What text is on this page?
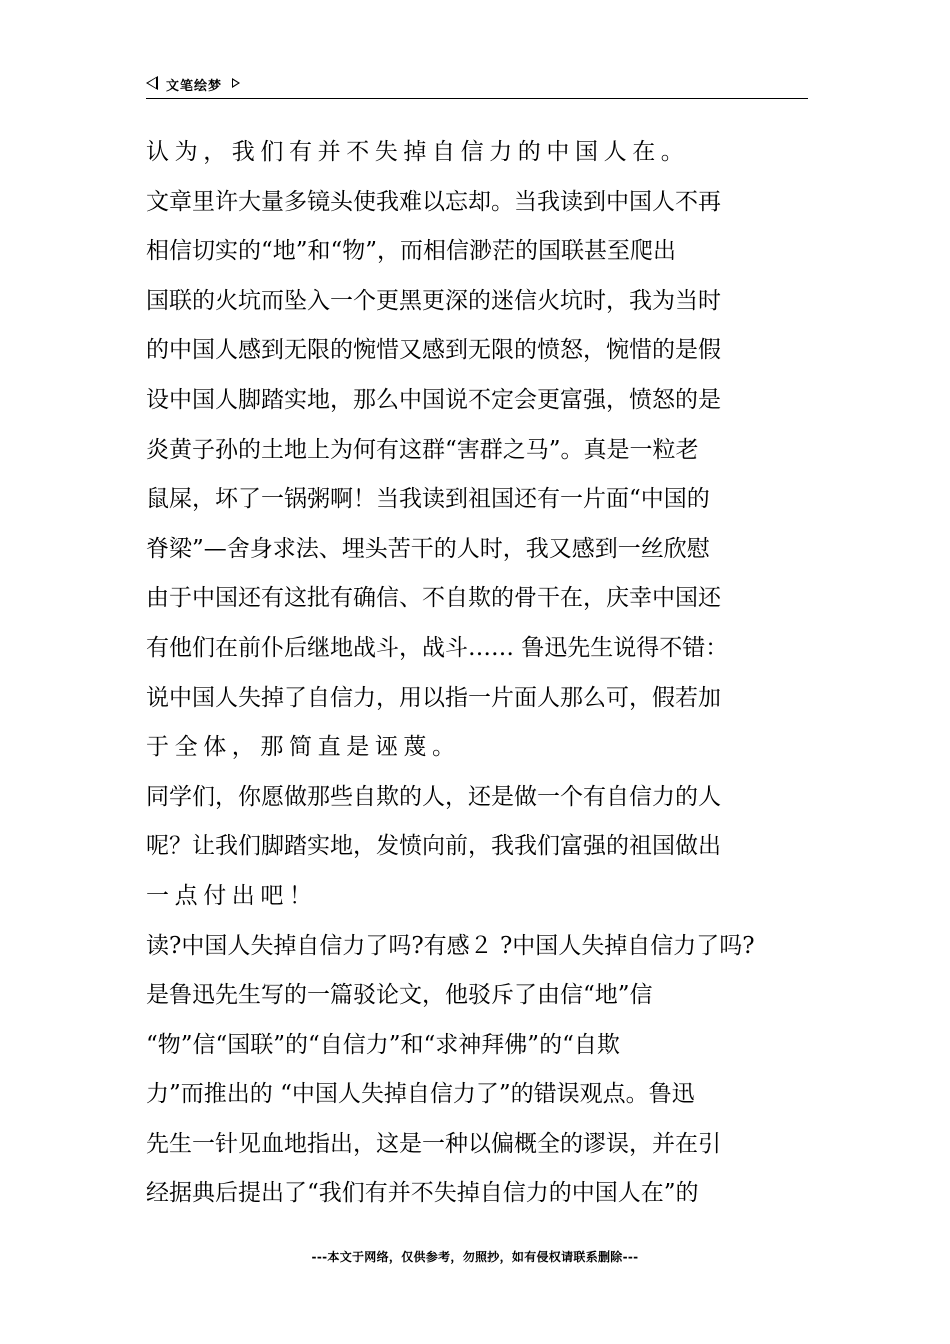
文笔绘梦
认为，我们有并不失掉自信力的中国人在。
文章里许大量多镜头使我难以忘却。当我读到中国人不再
相信切实的“地”和“物”，而相信渺茫的国联甚至爬出
国联的火坑而坠入一个更黑更深的迷信火坑时，我为当时
的中国人感到无限的惋惜又感到无限的愤怒，惋惜的是假
设中国人脚踏实地，那么中国说不定会更富强，愤怒的是
炎黄子孙的土地上为何有这群“害群之马”。真是一粒老
鼠屎，坏了一锅粥啊！当我读到祖国还有一片面“中国的
脊梁”—舍身求法、埋头苦干的人时，我又感到一丝欣慰
由于中国还有这批有确信、不自欺的骨干在，庆幸中国还
有他们在前仆后继地战斗，战斗…… 鲁迅先生说得不错：
说中国人失掉了自信力，用以指一片面人那么可，假若加
于全体，那简直是诬蔑。
同学们，你愿做那些自欺的人，还是做一个有自信力的人
呢？让我们脚踏实地，发愤向前，我我们富强的祖国做出
一点付出吧！
读?中国人失掉自信力了吗?有感２ ?中国人失掉自信力了吗?
是鲁迅先生写的一篇驳论文，他驳斥了由信“地”信
“物”信“国联”的“自信力”和“求神拜佛”的“自欺
力”而推出的 “中国人失掉自信力了”的错误观点。鲁迅
先生一针见血地指出，这是一种以偏概全的谬误，并在引
经据典后提出了“我们有并不失掉自信力的中国人在”的
---本文于网络，仅供参考，勿照抄，如有侵权请联系删除---
